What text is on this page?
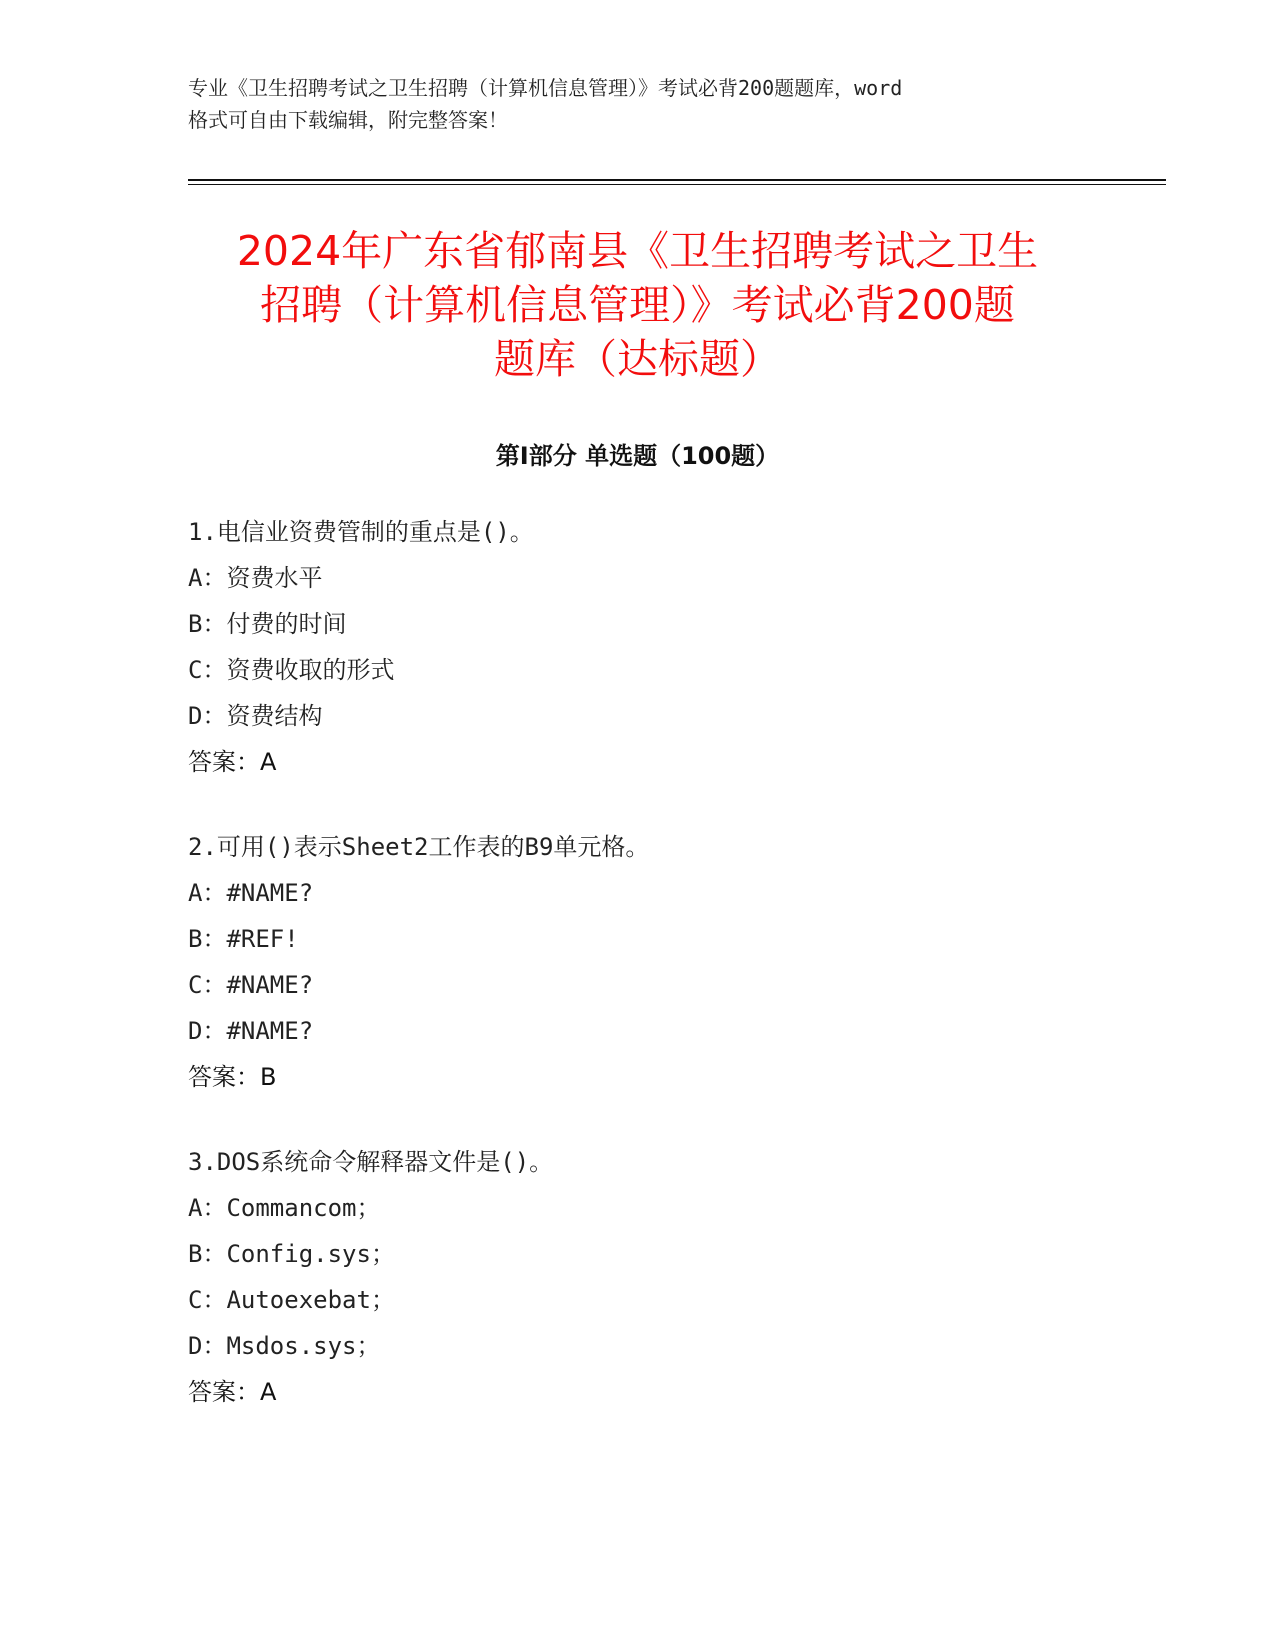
专业《卫生招聘考试之卫生招聘（计算机信息管理）》考试必背200题题库，word
格式可自由下载编辑，附完整答案！
2024年广东省郁南县《卫生招聘考试之卫生
招聘（计算机信息管理）》考试必背200题
题库（达标题）
第Ⅰ部分 单选题（100题）
1.电信业资费管制的重点是()。
A：资费水平
B：付费的时间
C：资费收取的形式
D：资费结构
答案：A
2.可用()表示Sheet2工作表的B9单元格。
A：#NAME?
B：#REF!
C：#NAME?
D：#NAME?
答案：B
3.DOS系统命令解释器文件是()。
A：Commancom；
B：Config.sys；
C：Autoexebat；
D：Msdos.sys；
答案：A
